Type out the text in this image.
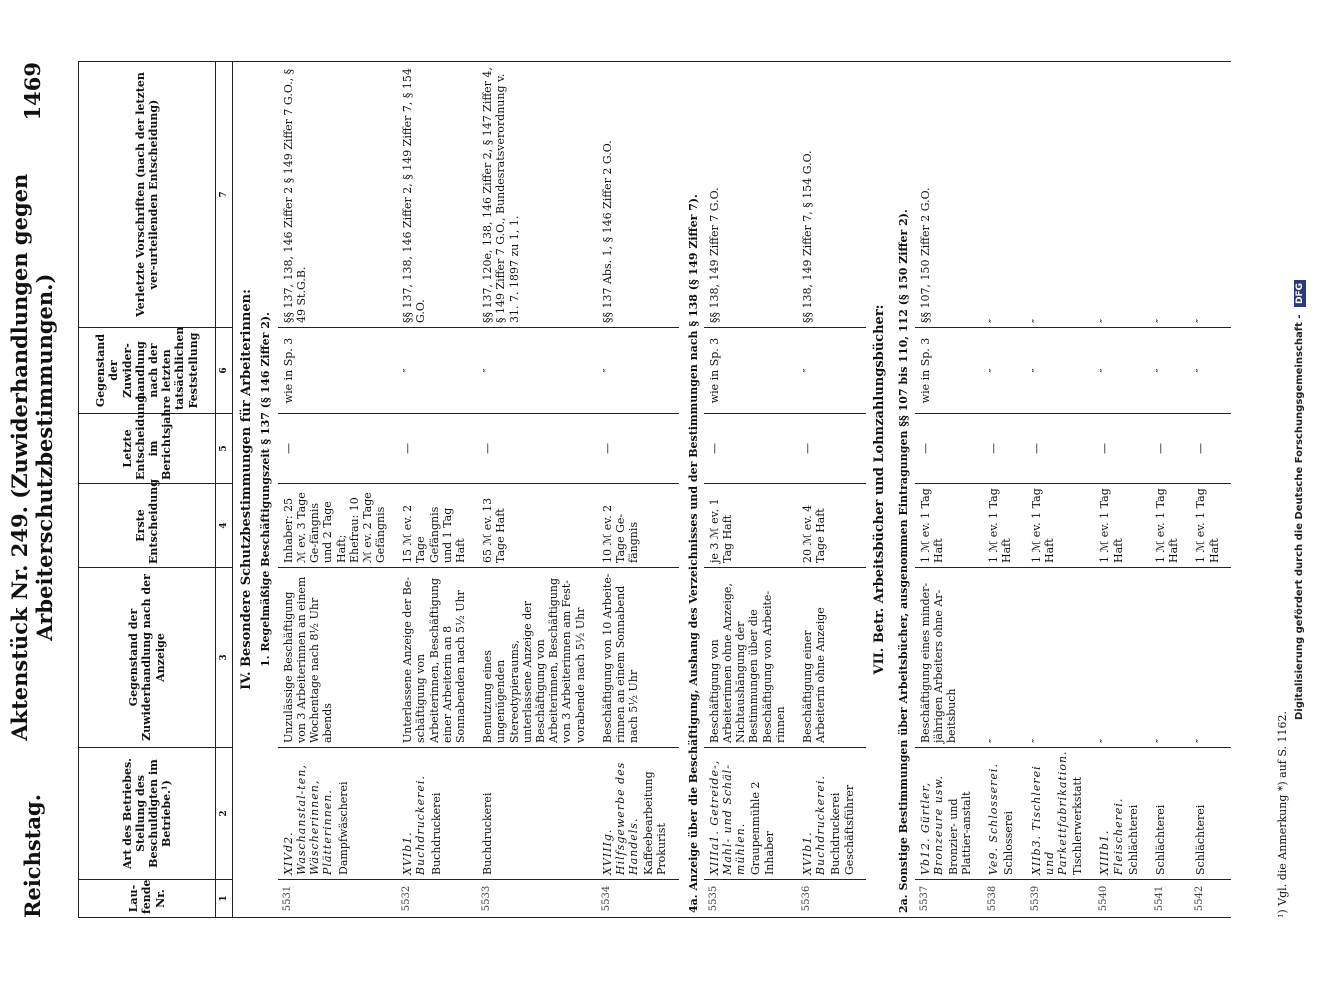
Reichstag.
Aktenstück Nr. 249. (Zuwiderhandlungen gegen Arbeiterschutzbestimmungen.)
1469
Lau-fende Nr.	Art des Betriebes. Stellung des Beschuldigten im Betriebe.¹)	Gegenstand der Zuwiderhandlung nach der Anzeige	Erste Entscheidung	Letzte Entscheidung im Berichtsjahre	Gegenstand der Zuwider-handlung nach der letzten tatsächlichen Feststellung	Verletzte Vorschriften (nach der letzten ver-urteilenden Entscheidung)
1	2	3	4	5	6	7
IV. Besondere Schutzbestimmungen für Arbeiterinnen:						
1. Regelmäßige Beschäftigungszeit § 137 (§ 146 Ziffer 2).						
5531	XIVd2. Waschanstal-ten, Wäscherinnen, Plätterinnen. Dampfwäscherei	Unzulässige Beschäftigung von 3 Arbeiterinnen an einem Wochentage nach 8½ Uhr abends	Inhaber: 25 ℳ ev. 3 Tage Ge-fängnis und 2 Tage Haft; Ehefrau: 10 ℳ ev. 2 Tage Gefängnis	—	wie in Sp. 3	§§ 137, 138, 146 Ziffer 2 § 149 Ziffer 7 G.O., § 49 St.G.B.
5532	XVIb1. Buchdruckerei. Buchdruckerei	Unterlassene Anzeige der Be-schäftigung von Arbeiterinnen, Beschäftigung einer Arbeiterin an 8 Sonnabenden nach 5½ Uhr	15 ℳ ev. 2 Tage Gefängnis und 1 Tag Haft	—	″	§§ 137, 138, 146 Ziffer 2, § 149 Ziffer 7, § 154 G.O.
5533	Buchdruckerei	Benutzung eines ungenügenden Stereotypieraums, unterlassene Anzeige der Beschäftigung von Arbeiterinnen, Beschäftigung von 3 Arbeiterinnen am Fest-vorabende nach 5½ Uhr	65 ℳ ev. 13 Tage Haft	—	″	§§ 137, 120e, 138, 146 Ziffer 2, § 147 Ziffer 4, § 149 Ziffer 7 G.O., Bundesratsverordnung v. 31. 7. 1897 zu 1, 1.
5534	XVIIIg. Hilfsgewerbe des Handels. Kaffeebearbeitung Prokurist	Beschäftigung von 10 Arbeite-rinnen an einem Sonnabend nach 5½ Uhr	10 ℳ ev. 2 Tage Ge-fängnis	—	″	§§ 137 Abs. 1, § 146 Ziffer 2 G.O.
4a. Anzeige über die Beschäftigung, Aushang des Verzeichnisses und der Bestimmungen nach § 138 (§ 149 Ziffer 7).						
5535	XIIIa1. Getreide-, Mahl- und Schäl-mühlen. Graupenmühle 2 Inhaber	Beschäftigung von Arbeiterinnen ohne Anzeige, Nichtaushängung der Bestimmungen über die Beschäftigung von Arbeite-rinnen	je 3 ℳ ev. 1 Tag Haft	—	wie in Sp. 3	§§ 138, 149 Ziffer 7 G.O.
5536	XVIb1. Buchdruckerei. Buchdruckerei Geschäftsführer	Beschäftigung einer Arbeiterin ohne Anzeige	20 ℳ ev. 4 Tage Haft	—	″	§§ 138, 149 Ziffer 7, § 154 G.O.
VII. Betr. Arbeitsbücher und Lohnzahlungsbücher:						
2a. Sonstige Bestimmungen über Arbeitsbücher, ausgenommen Eintragungen §§ 107 bis 110, 112 (§ 150 Ziffer 2).						
5537	Vb12. Gürtler, Bronzeure usw. Bronzier- und Plattier-anstalt	Beschäftigung eines minder-jährigen Arbeiters ohne Ar-beitsbuch	1 ℳ ev. 1 Tag Haft	—	wie in Sp. 3	§§ 107, 150 Ziffer 2 G.O.
5538	Ve9. Schlosserei. Schlosserei	″	1 ℳ ev. 1 Tag Haft	—	″	″
5539	XIIb3. Tischlerei und Parkettfabrikation. Tischlerwerkstatt	″	1 ℳ ev. 1 Tag Haft	—	″	″
5540	XIIIb1. Fleischerei. Schlächterei	″	1 ℳ ev. 1 Tag Haft	—	″	″
5541	Schlächterei	″	1 ℳ ev. 1 Tag Haft	—	″	″
5542	Schlächterei	″	1 ℳ ev. 1 Tag Haft	—	″	″
¹) Vgl. die Anmerkung *) auf S. 1162.
Digitalisierung gefördert durch die Deutsche Forschungsgemeinschaft - DFG
